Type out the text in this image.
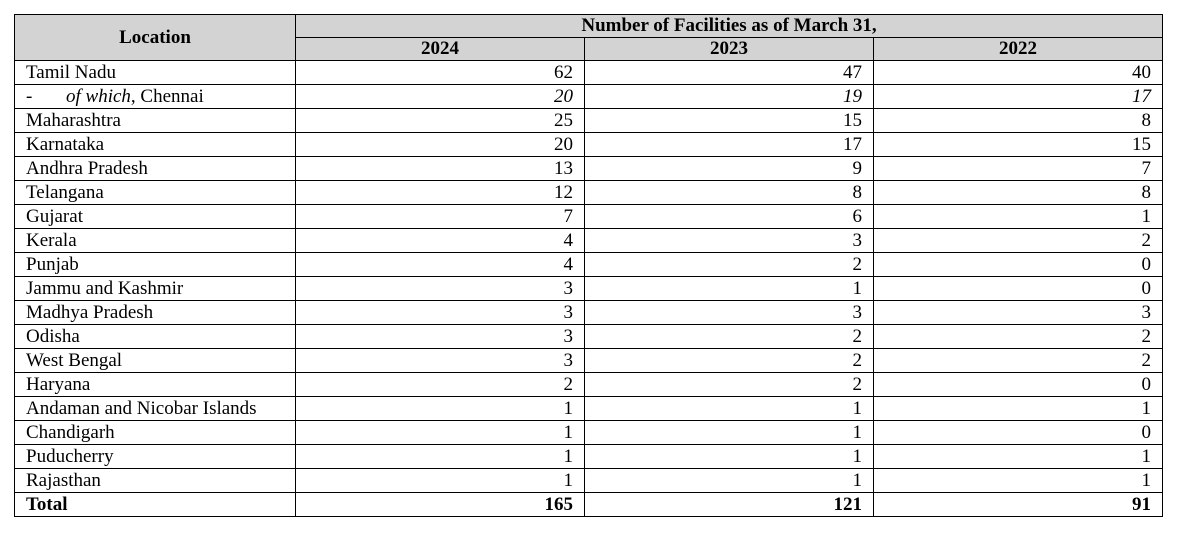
Location	Number of Facilities as of March 31,		
	2024	2023	2022
Tamil Nadu	62	47	40
- of which, Chennai	20	19	17
Maharashtra	25	15	8
Karnataka	20	17	15
Andhra Pradesh	13	9	7
Telangana	12	8	8
Gujarat	7	6	1
Kerala	4	3	2
Punjab	4	2	0
Jammu and Kashmir	3	1	0
Madhya Pradesh	3	3	3
Odisha	3	2	2
West Bengal	3	2	2
Haryana	2	2	0
Andaman and Nicobar Islands	1	1	1
Chandigarh	1	1	0
Puducherry	1	1	1
Rajasthan	1	1	1
Total	165	121	91
